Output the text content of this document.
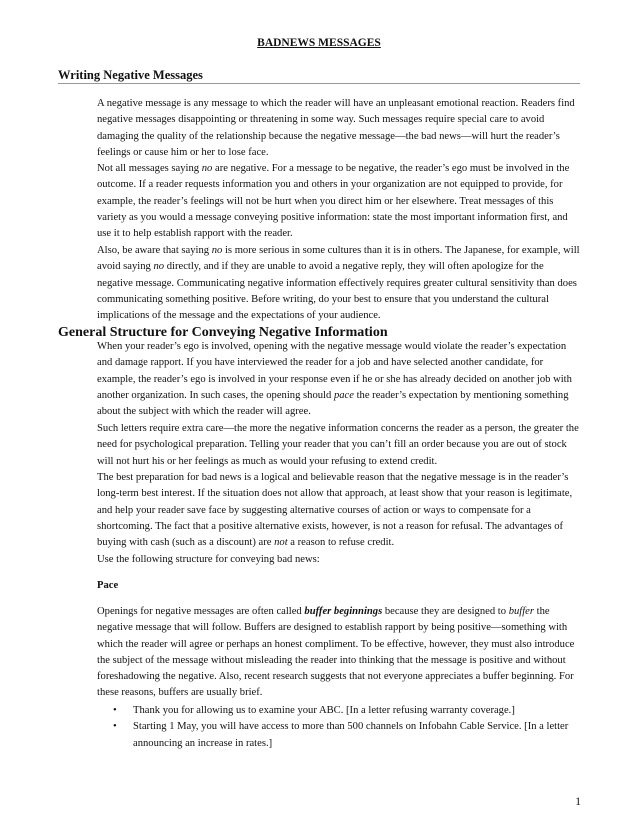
BADNEWS MESSAGES
Writing Negative Messages

A negative message is any message to which the reader will have an unpleasant emotional reaction. Readers find negative messages disappointing or threatening in some way. Such messages require special care to avoid damaging the quality of the relationship because the negative message—the bad news—will hurt the reader’s feelings or cause him or her to lose face.

Not all messages saying no are negative. For a message to be negative, the reader’s ego must be involved in the outcome. If a reader requests information you and others in your organization are not equipped to provide, for example, the reader’s feelings will not be hurt when you direct him or her elsewhere. Treat messages of this variety as you would a message conveying positive information: state the most important information first, and use it to help establish rapport with the reader.

Also, be aware that saying no is more serious in some cultures than it is in others. The Japanese, for example, will avoid saying no directly, and if they are unable to avoid a negative reply, they will often apologize for the negative message. Communicating negative information effectively requires greater cultural sensitivity than does communicating something positive. Before writing, do your best to ensure that you understand the cultural implications of the message and the expectations of your audience.

General Structure for Conveying Negative Information

When your reader’s ego is involved, opening with the negative message would violate the reader’s expectation and damage rapport. If you have interviewed the reader for a job and have selected another candidate, for example, the reader’s ego is involved in your response even if he or she has already decided on another job with another organization. In such cases, the opening should pace the reader’s expectation by mentioning something about the subject with which the reader will agree.

Such letters require extra care—the more the negative information concerns the reader as a person, the greater the need for psychological preparation. Telling your reader that you can’t fill an order because you are out of stock will not hurt his or her feelings as much as would your refusing to extend credit.

The best preparation for bad news is a logical and believable reason that the negative message is in the reader’s long-term best interest. If the situation does not allow that approach, at least show that your reason is legitimate, and help your reader save face by suggesting alternative courses of action or ways to compensate for a shortcoming. The fact that a positive alternative exists, however, is not a reason for refusal. The advantages of buying with cash (such as a discount) are not a reason to refuse credit.

Use the following structure for conveying bad news:

Pace

Openings for negative messages are often called buffer beginnings because they are designed to buffer the negative message that will follow. Buffers are designed to establish rapport by being positive—something with which the reader will agree or perhaps an honest compliment. To be effective, however, they must also introduce the subject of the message without misleading the reader into thinking that the message is positive and without foreshadowing the negative. Also, recent research suggests that not everyone appreciates a buffer beginning. For these reasons, buffers are usually brief.

•	Thank you for allowing us to examine your ABC. [In a letter refusing warranty coverage.]
•	Starting 1 May, you will have access to more than 500 channels on Infobahn Cable Service. [In a letter announcing an increase in rates.]
1
